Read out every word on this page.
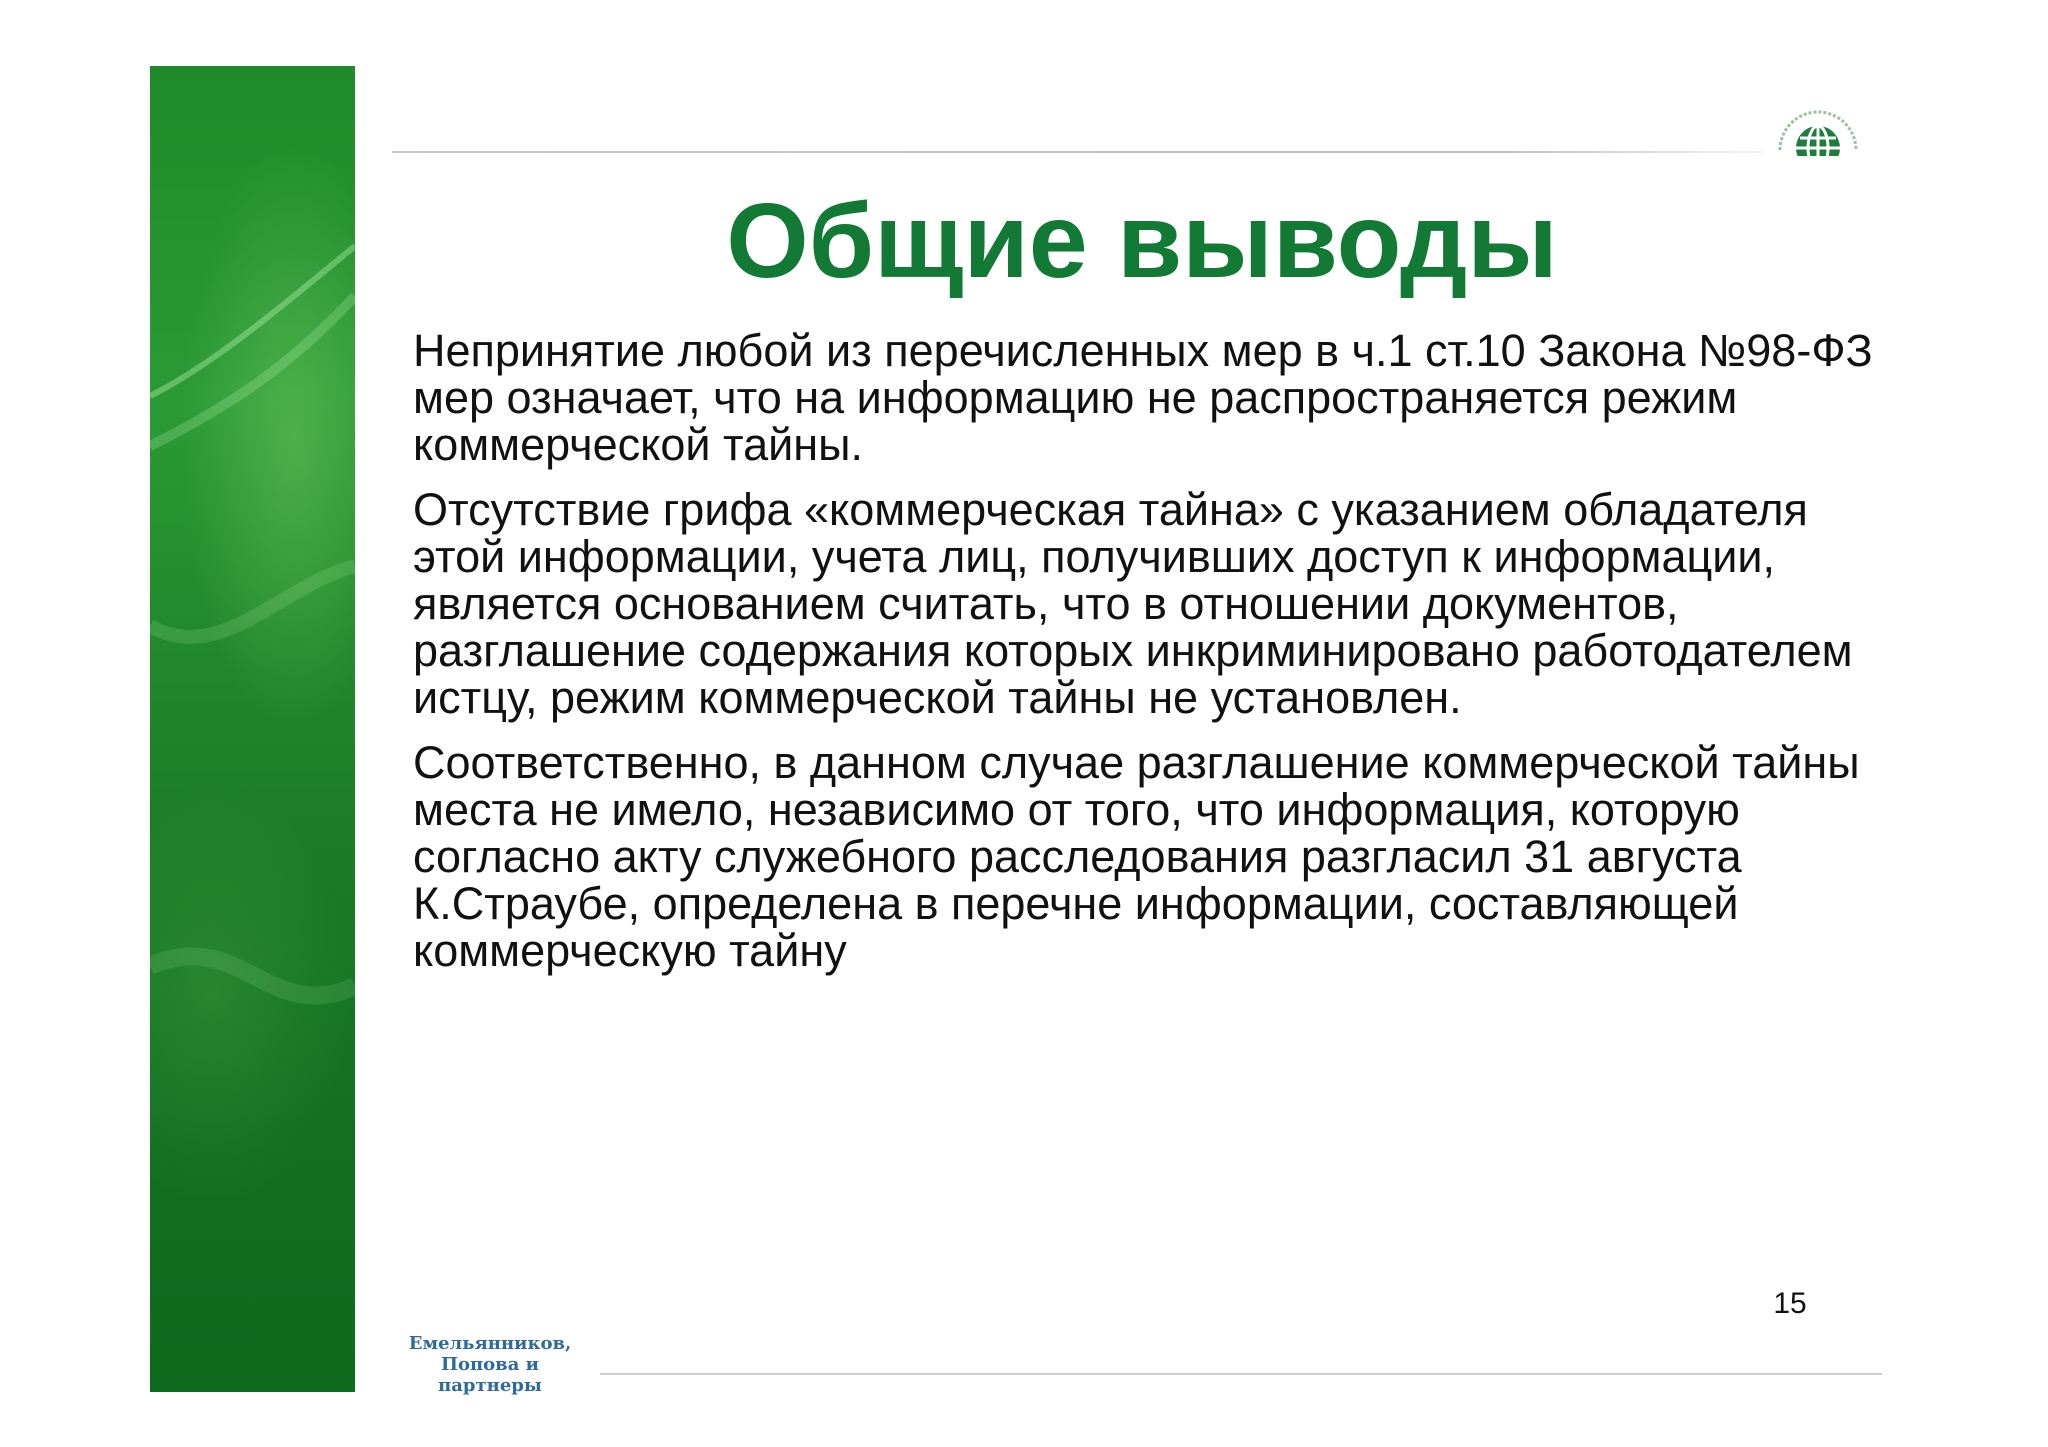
Общие выводы

Непринятие любой из перечисленных мер в ч.1 ст.10 Закона №98-ФЗ мер означает, что на информацию не распространяется режим коммерческой тайны.

Отсутствие грифа «коммерческая тайна» с указанием обладателя этой информации, учета лиц, получивших доступ к информации, является основанием считать, что в отношении документов, разглашение содержания которых инкриминировано работодателем истцу, режим коммерческой тайны не установлен.

Соответственно, в данном случае разглашение коммерческой тайны места не имело, независимо от того, что информация, которую согласно акту служебного расследования разгласил 31 августа К.Страубе, определена в перечне информации, составляющей коммерческую тайну

15
Емельянников,
Попова и партнеры
